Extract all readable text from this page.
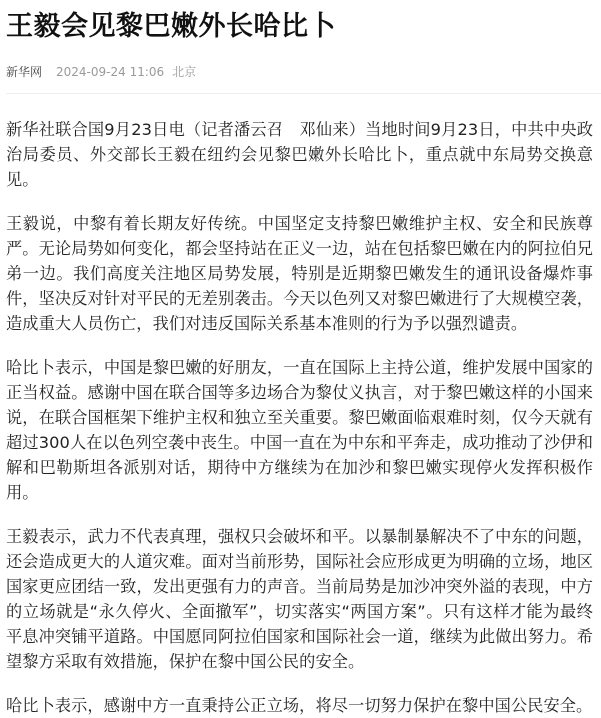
王毅会见黎巴嫩外长哈比卜
新华网 2024-09-24 11:06 北京

新华社联合国9月23日电（记者潘云召　邓仙来）当地时间9月23日，中共中央政治局委员、外交部长王毅在纽约会见黎巴嫩外长哈比卜，重点就中东局势交换意见。

王毅说，中黎有着长期友好传统。中国坚定支持黎巴嫩维护主权、安全和民族尊严。无论局势如何变化，都会坚持站在正义一边，站在包括黎巴嫩在内的阿拉伯兄弟一边。我们高度关注地区局势发展，特别是近期黎巴嫩发生的通讯设备爆炸事件，坚决反对针对平民的无差别袭击。今天以色列又对黎巴嫩进行了大规模空袭，造成重大人员伤亡，我们对违反国际关系基本准则的行为予以强烈谴责。

哈比卜表示，中国是黎巴嫩的好朋友，一直在国际上主持公道，维护发展中国家的正当权益。感谢中国在联合国等多边场合为黎仗义执言，对于黎巴嫩这样的小国来说，在联合国框架下维护主权和独立至关重要。黎巴嫩面临艰难时刻，仅今天就有超过300人在以色列空袭中丧生。中国一直在为中东和平奔走，成功推动了沙伊和解和巴勒斯坦各派别对话，期待中方继续为在加沙和黎巴嫩实现停火发挥积极作用。

王毅表示，武力不代表真理，强权只会破坏和平。以暴制暴解决不了中东的问题，还会造成更大的人道灾难。面对当前形势，国际社会应形成更为明确的立场，地区国家更应团结一致，发出更强有力的声音。当前局势是加沙冲突外溢的表现，中方的立场就是“永久停火、全面撤军”，切实落实“两国方案”。只有这样才能为最终平息冲突铺平道路。中国愿同阿拉伯国家和国际社会一道，继续为此做出努力。希望黎方采取有效措施，保护在黎中国公民的安全。

哈比卜表示，感谢中方一直秉持公正立场，将尽一切努力保护在黎中国公民安全。
